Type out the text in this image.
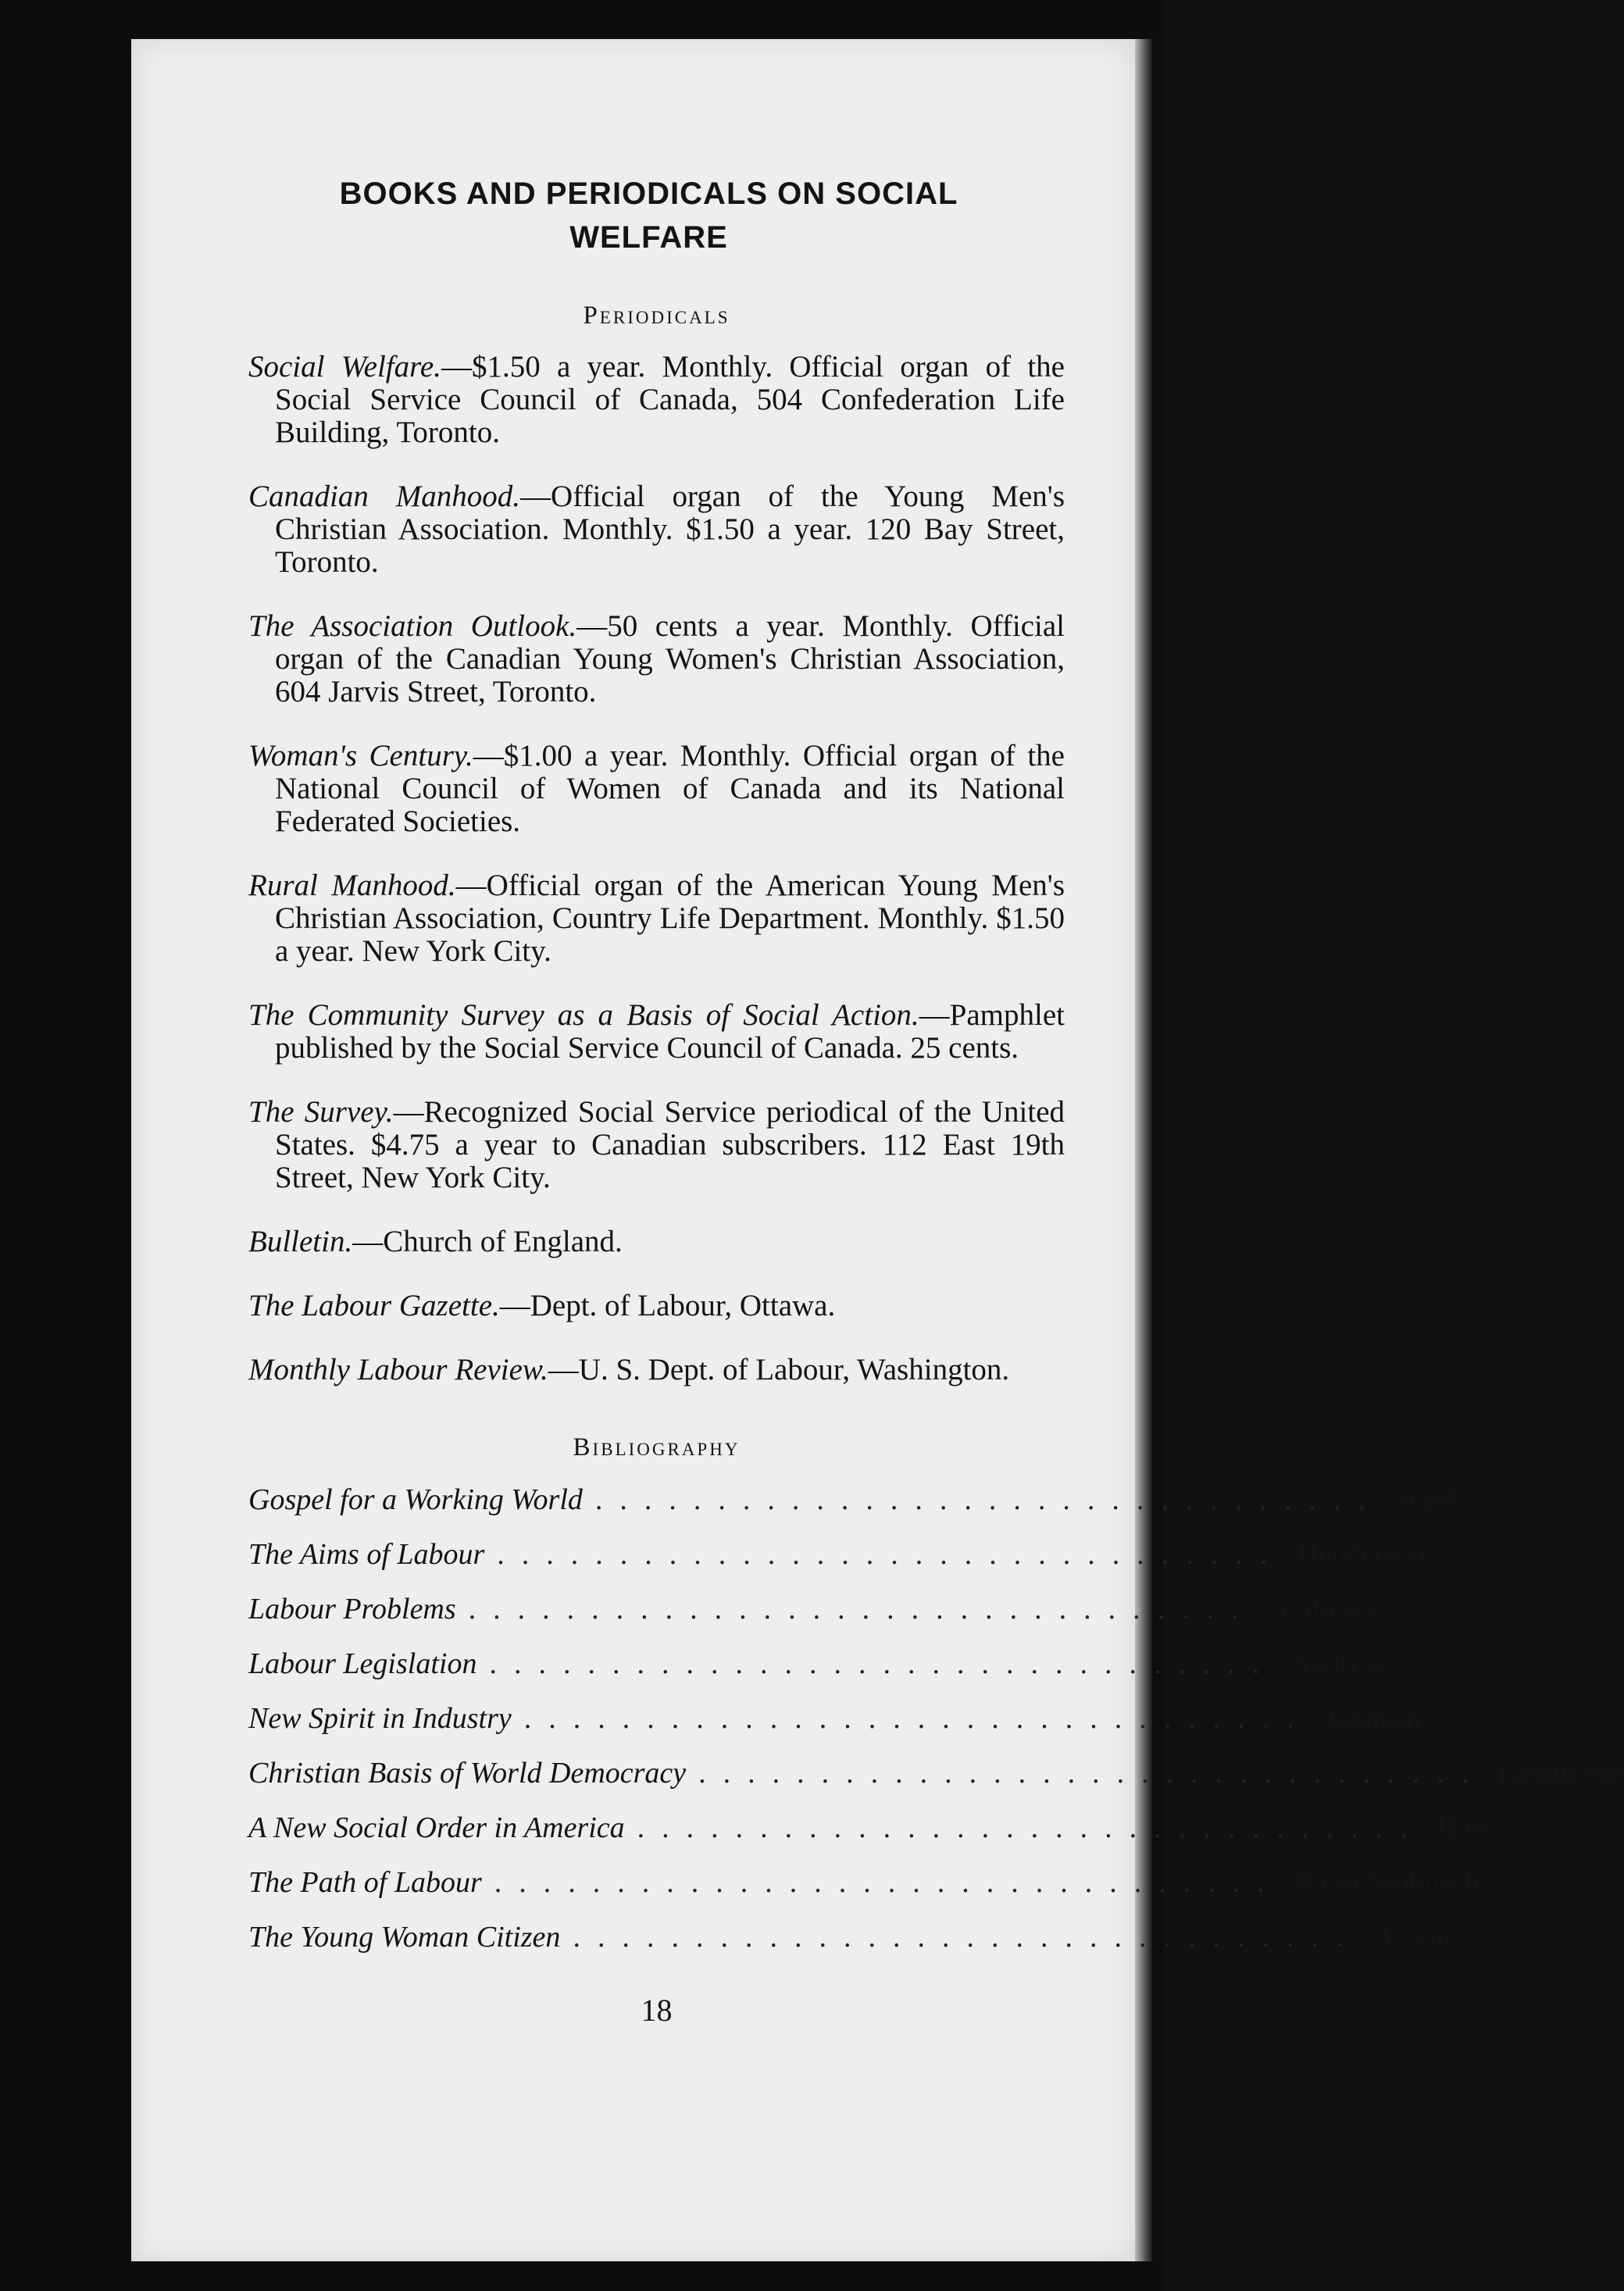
BOOKS AND PERIODICALS ON SOCIAL
WELFARE
Periodicals

Social Welfare.—$1.50 a year. Monthly. Official organ of the Social Service Council of Canada, 504 Confederation Life Building, Toronto.

Canadian Manhood.—Official organ of the Young Men's Christian Association. Monthly. $1.50 a year. 120 Bay Street, Toronto.

The Association Outlook.—50 cents a year. Monthly. Official organ of the Canadian Young Women's Christian Association, 604 Jarvis Street, Toronto.

Woman's Century.—$1.00 a year. Monthly. Official organ of the National Council of Women of Canada and its National Federated Societies.

Rural Manhood.—Official organ of the American Young Men's Christian Association, Country Life Department. Monthly. $1.50 a year. New York City.

The Community Survey as a Basis of Social Action.—Pamphlet published by the Social Service Council of Canada. 25 cents.

The Survey.—Recognized Social Service periodical of the United States. $4.75 a year to Canadian subscribers. 112 East 19th Street, New York City.

Bulletin.—Church of England.

The Labour Gazette.—Dept. of Labour, Ottawa.

Monthly Labour Review.—U. S. Dept. of Labour, Washington.

Bibliography
Gospel for a Working World ................................ Ward
The Aims of Labour ................................ Henderson
Labour Problems ................................ Andrews
Labour Legislation ................................ Andrews
New Spirit in Industry ................................ Johnson
Christian Basis of World Democracy ................................ Latoucette
A New Social Order in America ................................ Hart
The Path of Labour ................................ Rauschenbusch
The Young Woman Citizen ................................ Austin
18
